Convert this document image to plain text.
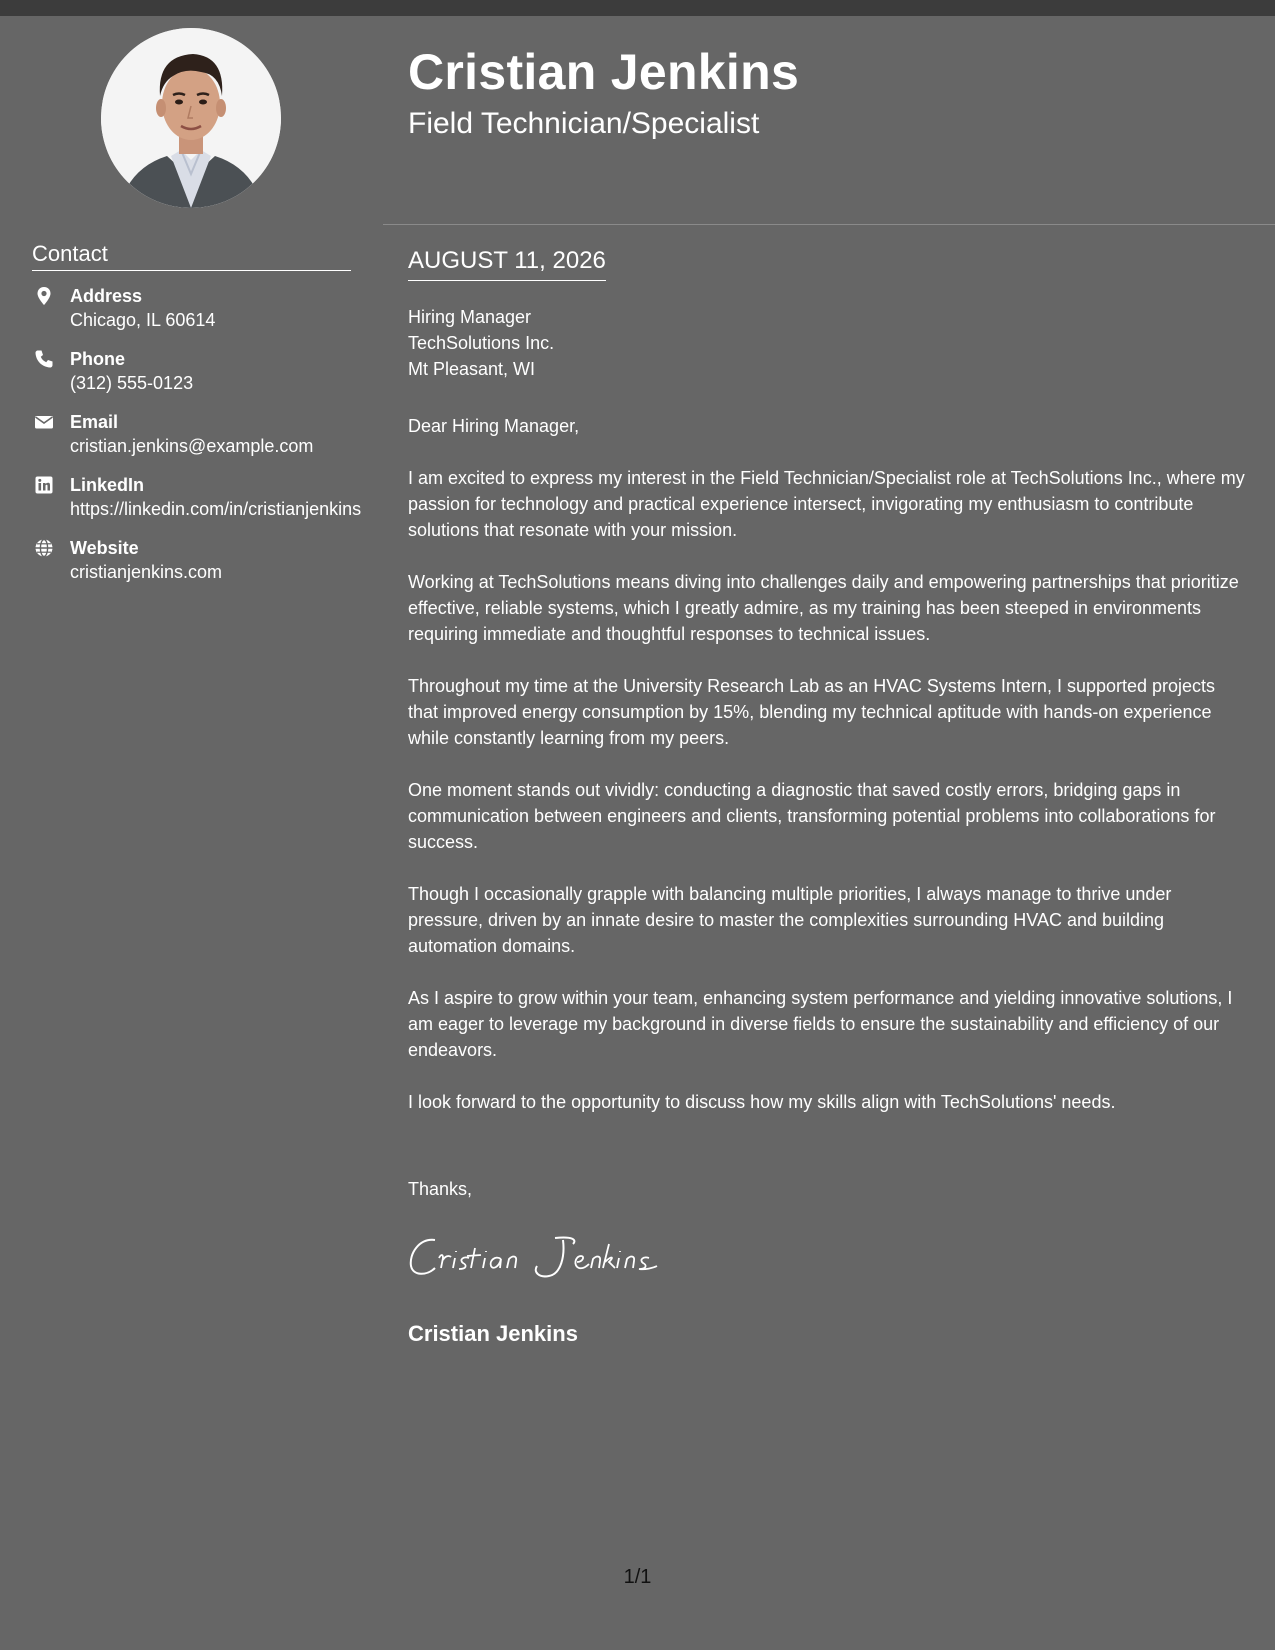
Contact
Address
Chicago, IL 60614
Phone
(312) 555-0123
Email
cristian.jenkins@example.com
LinkedIn
https://linkedin.com/in/cristianjenkins
Website
cristianjenkins.com
Cristian Jenkins
Field Technician/Specialist
AUGUST 11, 2026
Hiring Manager
TechSolutions Inc.
Mt Pleasant, WI

Dear Hiring Manager,

I am excited to express my interest in the Field Technician/Specialist role at TechSolutions Inc., where my passion for technology and practical experience intersect, invigorating my enthusiasm to contribute solutions that resonate with your mission.

Working at TechSolutions means diving into challenges daily and empowering partnerships that prioritize effective, reliable systems, which I greatly admire, as my training has been steeped in environments requiring immediate and thoughtful responses to technical issues.

Throughout my time at the University Research Lab as an HVAC Systems Intern, I supported projects that improved energy consumption by 15%, blending my technical aptitude with hands-on experience while constantly learning from my peers.

One moment stands out vividly: conducting a diagnostic that saved costly errors, bridging gaps in communication between engineers and clients, transforming potential problems into collaborations for success.

Though I occasionally grapple with balancing multiple priorities, I always manage to thrive under pressure, driven by an innate desire to master the complexities surrounding HVAC and building automation domains.

As I aspire to grow within your team, enhancing system performance and yielding innovative solutions, I am eager to leverage my background in diverse fields to ensure the sustainability and efficiency of our endeavors.

I look forward to the opportunity to discuss how my skills align with TechSolutions' needs.

Thanks,
Cristian Jenkins
1/1
